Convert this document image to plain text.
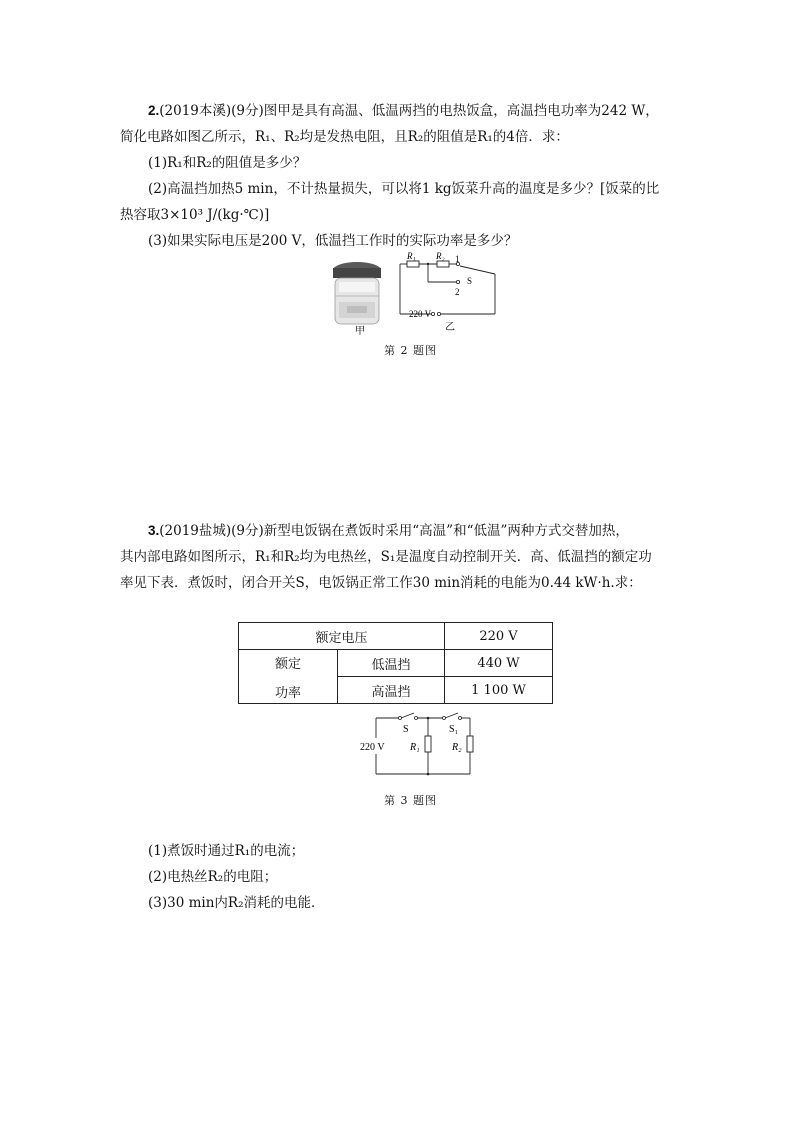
2.(2019本溪)(9分)图甲是具有高温、低温两挡的电热饭盒，高温挡电功率为242 W，
简化电路如图乙所示，R₁、R₂均是发热电阻，且R₂的阻值是R₁的4倍．求：
(1)R₁和R₂的阻值是多少？
(2)高温挡加热5 min，不计热量损失，可以将1 kg饭菜升高的温度是多少？[饭菜的比
热容取3×10³ J/(kg·℃)]
(3)如果实际电压是200 V，低温挡工作时的实际功率是多少？
甲
R₁ R₂ 1
2
S
220 V
乙
第 2 题图
3.(2019盐城)(9分)新型电饭锅在煮饭时采用“高温”和“低温”两种方式交替加热，
其内部电路如图所示，R₁和R₂均为电热丝，S₁是温度自动控制开关．高、低温挡的额定功
率见下表．煮饭时，闭合开关S，电饭锅正常工作30 min消耗的电能为0.44 kW·h.求：
额定电压		220 V

额定
功率	低温挡	440 W
	高温挡	1 100 W
S	S₁
220 V	R₁	R₂
第 3 题图
(1)煮饭时通过R₁的电流；
(2)电热丝R₂的电阻；
(3)30 min内R₂消耗的电能．
